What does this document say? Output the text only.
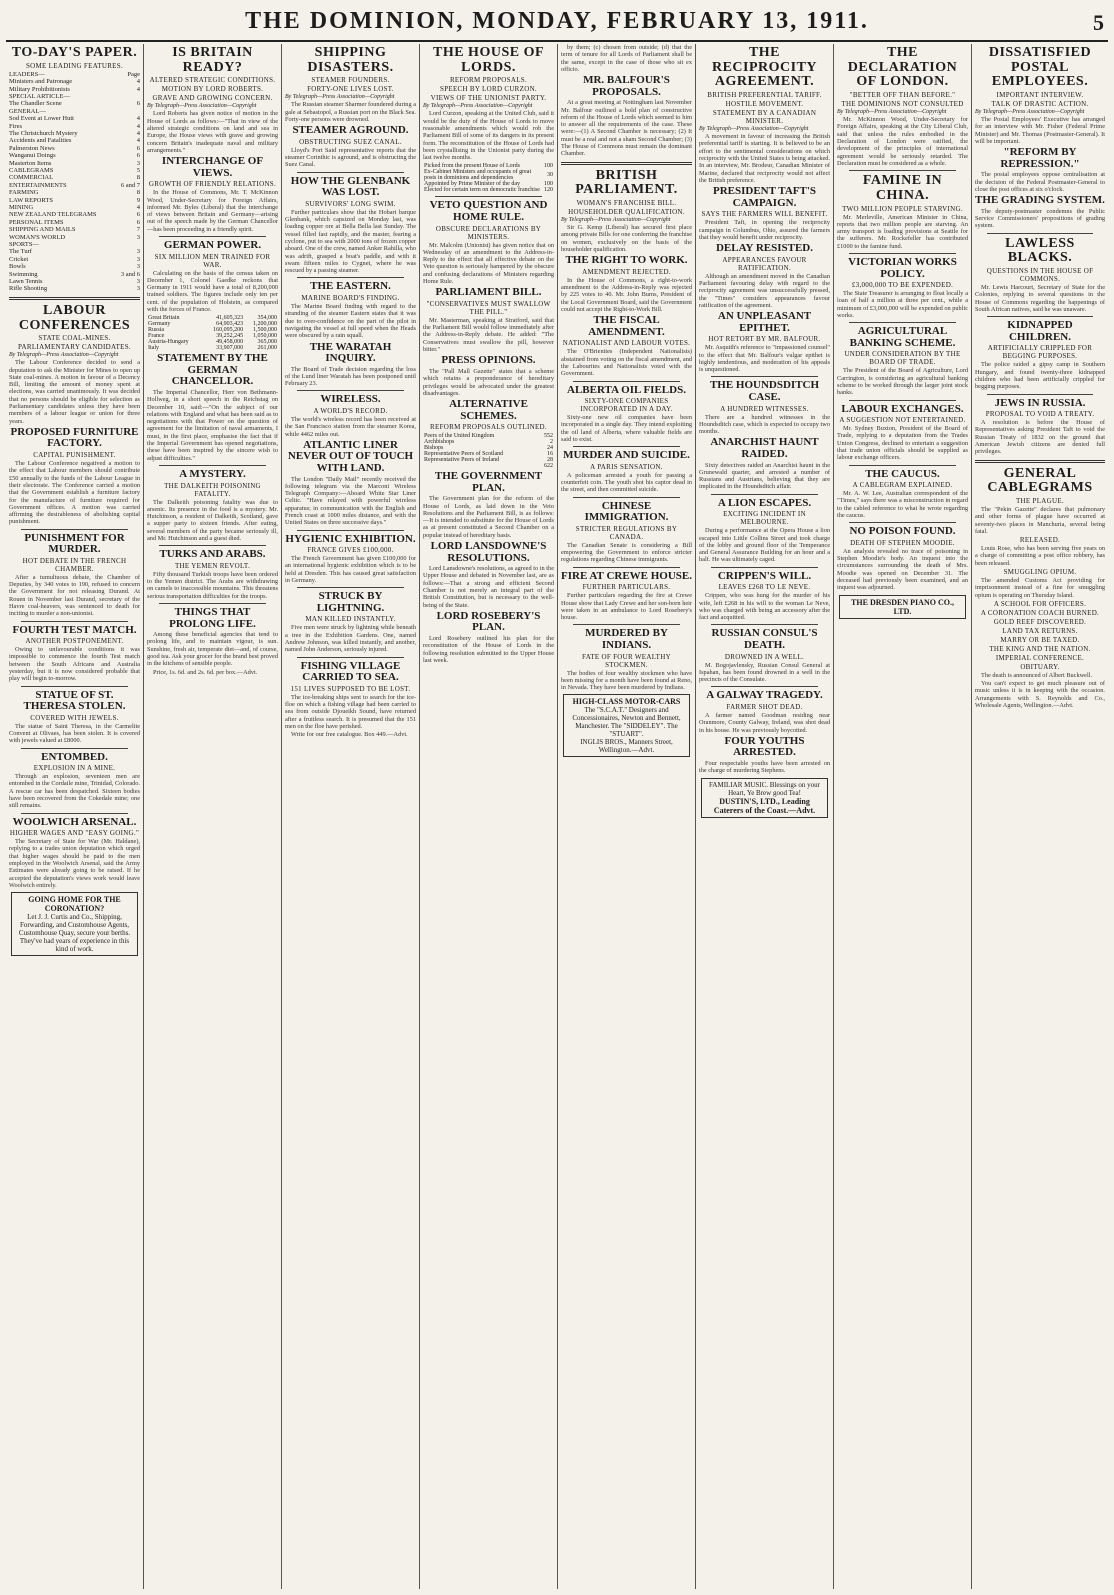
THE DOMINION, MONDAY, FEBRUARY 13, 1911.	5
TO-DAY'S PAPER.
SOME LEADING FEATURES.
LEADERS—	Page
Ministers and Patronage	4
Military Prohibitionists	4
SPECIAL ARTICLE—
The Chandler Scene	6
GENERAL—
Sod Event at Lower Hutt	4
Fires	4
The Christchurch Mystery	4
Accidents and Fatalities	4
Palmerston News	6
Wanganui Doings	6
Masterton Items	3
CABLEGRAMS	5
COMMERCIAL	8
ENTERTAINMENTS	6 and 7
FARMING	8
LAW REPORTS	9
MINING	4
NEW ZEALAND TELEGRAMS	6
PERSONAL ITEMS	6
SHIPPING AND MAILS	7
WOMAN'S WORLD	3
SPORTS—
The Turf	3
Cricket	3
Bowls	3
Swimming	3 and 6
Lawn Tennis	3
Rifle Shooting	3
LABOUR CONFERENCES
STATE COAL-MINES.
PARLIAMENTARY CANDIDATES.
By Telegraph—Press Association—Copyright

The Labour Conference decided to send a deputation to ask the Minister for Mines to open up State coal-mines. A motion in favour of a Decency Bill, limiting the amount of money spent at elections, was carried unanimously. It was decided that no persons should be eligible for selection as Parliamentary candidates unless they have been members of a labour league or union for three years.

PROPOSED FURNITURE FACTORY.
CAPITAL PUNISHMENT.

The Labour Conference negatived a motion to the effect that Labour members should contribute £50 annually to the funds of the Labour League in their electorate. The Conference carried a motion that the Government establish a furniture factory for the manufacture of furniture required for Government offices. A motion was carried affirming the desirableness of abolishing capital punishment.

PUNISHMENT FOR MURDER.
HOT DEBATE IN THE FRENCH CHAMBER.

After a tumultuous debate, the Chamber of Deputies, by 340 votes to 190, refused to concern the Government for not releasing Durand. At Rouen in November last Durand, secretary of the Havre coal-heavers, was sentenced to death for inciting to murder a non-unionist.

FOURTH TEST MATCH.
ANOTHER POSTPONEMENT.

Owing to unfavourable conditions it was impossible to commence the fourth Test match between the South Africans and Australia yesterday, but it is now considered probable that play will begin to-morrow.

STATUE OF ST. THERESA STOLEN.
COVERED WITH JEWELS.

The statue of Saint Theresa, in the Carmelite Convent at Olivaes, has been stolen. It is covered with jewels valued at £8000.

ENTOMBED.
EXPLOSION IN A MINE.

Through an explosion, seventeen men are entombed in the Cordaile mine, Trinidad, Colorado. A rescue car has been despatched. Sixteen bodies have been recovered from the Cokedale mine; one still remains.

WOOLWICH ARSENAL.
HIGHER WAGES AND "EASY GOING."

The Secretary of State for War (Mr. Haldane), replying to a trades union deputation which urged that higher wages should be paid to the men employed in the Woolwich Arsenal, said the Army Estimates were already going to be raised. If he accepted the deputation's views work would leave Woolwich entirely.

GOING HOME FOR THE CORONATION?
Let J. J. Curtis and Co., Shipping, Forwarding, and Customhouse Agents, Customhouse Quay, secure your berths. They've had years of experience in this kind of work.
IS BRITAIN READY?
ALTERED STRATEGIC CONDITIONS.
MOTION BY LORD ROBERTS.
GRAVE AND GROWING CONCERN.
By Telegraph—Press Association—Copyright

Lord Roberts has given notice of motion in the House of Lords as follows:—"That in view of the altered strategic conditions on land and sea in Europe, the House views with grave and growing concern Britain's inadequate naval and military arrangements."

INTERCHANGE OF VIEWS.
GROWTH OF FRIENDLY RELATIONS.

In the House of Commons, Mr. T. McKinnon Wood, Under-Secretary for Foreign Affairs, informed Mr. Byles (Liberal) that the interchange of views between Britain and Germany—arising out of the speech made by the German Chancellor—has been proceeding in a friendly spirit.

GERMAN POWER.
SIX MILLION MEN TRAINED FOR WAR.

Calculating on the basis of the census taken on December 1, Colonel Gaedke reckons that Germany in 1911 would have a total of 8,200,000 trained soldiers. The figures include only ten per cent. of the population of Holstein, as compared with the forces of France.

Great Britain	41,605,323	354,000
Germany	64,903,423	1,200,000
Russia	160,095,200	1,500,000
France	39,252,245	1,050,000
Austria-Hungary	49,458,000	365,000
Italy	33,907,000	261,000
STATEMENT BY THE GERMAN CHANCELLOR.

The Imperial Chancellor, Herr von Bethmann-Hollweg, in a short speech in the Reichstag on December 10, said:—"On the subject of our relations with England and what has been said as to negotiations with that Power on the question of agreement for the limitation of naval armaments, I must, in the first place, emphasise the fact that if the Imperial Government has opened negotiations, these have been inspired by the sincere wish to adjust difficulties."

A MYSTERY.
THE DALKEITH POISONING FATALITY.

The Dalkeith poisoning fatality was due to arsenic. Its presence in the food is a mystery. Mr. Hutchinson, a resident of Dalkeith, Scotland, gave a supper party to sixteen friends. After eating, several members of the party became seriously ill, and Mr. Hutchinson and a guest died.

TURKS AND ARABS.
THE YEMEN REVOLT.

Fifty thousand Turkish troops have been ordered to the Yemen district. The Arabs are withdrawing on camels to inaccessible mountains. This threatens serious transportation difficulties for the troops.

THINGS THAT PROLONG LIFE.

Among these beneficial agencies that tend to prolong life, and to maintain vigour, is sun. Sunshine, fresh air, temperate diet—and, of course, good tea. Ask your grocer for the brand best proved in the kitchens of sensible people.

Price, 1s. 6d. and 2s. 6d. per box.—Advt.

SHIPPING DISASTERS.
STEAMER FOUNDERS.
FORTY-ONE LIVES LOST.
By Telegraph—Press Association—Copyright

The Russian steamer Sharmer foundered during a gale at Sebastopol, a Russian port on the Black Sea. Forty-one persons were drowned.

STEAMER AGROUND.
OBSTRUCTING SUEZ CANAL.

Lloyd's Port Said representative reports that the steamer Corinthic is aground, and is obstructing the Suez Canal.

HOW THE GLENBANK WAS LOST.
SURVIVORS' LONG SWIM.

Further particulars show that the Hobart barque Glenbank, which capsized on Monday last, was loading copper ore at Bella Bella last Sunday. The vessel filled fast rapidly, and the master, fearing a cyclone, put to sea with 2000 tons of frozen copper aboard. One of the crew, named Anker Rahilla, who was adrift, grasped a boat's paddle, and with it swam fifteen miles to Cygnet, where he was rescued by a passing steamer.

THE EASTERN.
MARINE BOARD'S FINDING.

The Marine Board finding with regard to the stranding of the steamer Eastern states that it was due to over-confidence on the part of the pilot in navigating the vessel at full speed when the Heads were obscured by a rain squall.

THE WARATAH INQUIRY.

The Board of Trade decision regarding the loss of the Lund liner Waratah has been postponed until February 23.

WIRELESS.
A WORLD'S RECORD.

The world's wireless record has been received at the San Francisco station from the steamer Korea, while 4462 miles out.

ATLANTIC LINER NEVER OUT OF TOUCH WITH LAND.

The London "Daily Mail" recently received the following telegram via the Marconi Wireless Telegraph Company:—Aboard White Star Liner Celtic. "Have relayed with powerful wireless apparatus; in communication with the English and French coast at 1000 miles distance, and with the United States on three successive days."

HYGIENIC EXHIBITION.
FRANCE GIVES £100,000.

The French Government has given £100,000 for an international hygienic exhibition which is to be held at Dresden. This has caused great satisfaction in Germany.

STRUCK BY LIGHTNING.
MAN KILLED INSTANTLY.

Five men were struck by lightning while beneath a tree in the Exhibition Gardens. One, named Andrew Johnson, was killed instantly, and another, named John Anderson, seriously injured.

FISHING VILLAGE CARRIED TO SEA.
151 LIVES SUPPOSED TO BE LOST.

The ice-breaking ships sent to search for the ice-floe on which a fishing village had been carried to sea from outside Djoueikh Sound, have returned after a fruitless search. It is presumed that the 151 men on the floe have perished.

Write for our free catalogue. Box 449.—Advt.

THE HOUSE OF LORDS.
REFORM PROPOSALS.
SPEECH BY LORD CURZON.
VIEWS OF THE UNIONIST PARTY.
By Telegraph—Press Association—Copyright

Lord Curzon, speaking at the United Club, said it would be the duty of the House of Lords to move reasonable amendments which would rob the Parliament Bill of some of its dangers in its present form. The reconstitution of the House of Lords had been crystallising in the Unionist party during the last twelve months.

Picked from the present House of Lords	100
Ex-Cabinet Ministers and occupants of great posts in dominions and dependencies	30
Appointed by Prime Minister of the day	100
Elected for certain term on democratic franchise	120
VETO QUESTION AND HOME RULE.
OBSCURE DECLARATIONS BY MINISTERS.

Mr. Malcolm (Unionist) has given notice that on Wednesday of an amendment to the Address-in-Reply to the effect that all effective debate on the Veto question is seriously hampered by the obscure and confusing declarations of Ministers regarding Home Rule.

PARLIAMENT BILL.
"CONSERVATIVES MUST SWALLOW THE PILL."

Mr. Masterman, speaking at Stratford, said that the Parliament Bill would follow immediately after the Address-in-Reply debate. He added: "The Conservatives must swallow the pill, however bitter."

PRESS OPINIONS.

The "Pall Mall Gazette" states that a scheme which retains a preponderance of hereditary privileges would be advocated under the greatest disadvantages.

ALTERNATIVE SCHEMES.
REFORM PROPOSALS OUTLINED.
Peers of the United Kingdom	552
Archbishops	2
Bishops	24
Representative Peers of Scotland	16
Representative Peers of Ireland	28
	622
THE GOVERNMENT PLAN.

The Government plan for the reform of the House of Lords, as laid down in the Veto Resolutions and the Parliament Bill, is as follows:—It is intended to substitute for the House of Lords as at present constituted a Second Chamber on a popular instead of hereditary basis.

LORD LANSDOWNE'S RESOLUTIONS.

Lord Lansdowne's resolutions, as agreed to in the Upper House and debated in November last, are as follows:—That a strong and efficient Second Chamber is not merely an integral part of the British Constitution, but is necessary to the well-being of the State.

LORD ROSEBERY'S PLAN.

Lord Rosebery outlined his plan for the reconstitution of the House of Lords in the following resolution submitted to the Upper House last week.

by them; (c) chosen from outside; (d) that the term of tenure for all Lords of Parliament shall be the same, except in the case of those who sit ex officio.

MR. BALFOUR'S PROPOSALS.

At a great meeting at Nottingham last November Mr. Balfour outlined a bold plan of constructive reform of the House of Lords which seemed to him to answer all the requirements of the case. These were:—(1) A Second Chamber is necessary; (2) It must be a real and not a sham Second Chamber; (3) The House of Commons must remain the dominant Chamber.

BRITISH PARLIAMENT.
WOMAN'S FRANCHISE BILL.
HOUSEHOLDER QUALIFICATION.
By Telegraph—Press Association—Copyright

Sir G. Kemp (Liberal) has secured first place among private Bills for one conferring the franchise on women, exclusively on the basis of the householder qualification.

THE RIGHT TO WORK.
AMENDMENT REJECTED.

In the House of Commons, a right-to-work amendment to the Address-in-Reply was rejected by 225 votes to 40. Mr. John Burns, President of the Local Government Board, said the Government could not accept the Right-to-Work Bill.

THE FISCAL AMENDMENT.
NATIONALIST AND LABOUR VOTES.

The O'Brienites (Independent Nationalists) abstained from voting on the fiscal amendment, and the Labourites and Nationalists voted with the Government.

ALBERTA OIL FIELDS.
SIXTY-ONE COMPANIES INCORPORATED IN A DAY.

Sixty-one new oil companies have been incorporated in a single day. They intend exploiting the oil land of Alberta, where valuable fields are said to exist.

MURDER AND SUICIDE.
A PARIS SENSATION.

A policeman arrested a youth for passing a counterfeit coin. The youth shot his captor dead in the street, and then committed suicide.

CHINESE IMMIGRATION.
STRICTER REGULATIONS BY CANADA.

The Canadian Senate is considering a Bill empowering the Government to enforce stricter regulations regarding Chinese immigrants.

FIRE AT CREWE HOUSE.
FURTHER PARTICULARS.

Further particulars regarding the fire at Crewe House show that Lady Crewe and her son-born heir were taken in an ambulance to Lord Rosebery's house.

MURDERED BY INDIANS.
FATE OF FOUR WEALTHY STOCKMEN.

The bodies of four wealthy stockmen who have been missing for a month have been found at Reno, in Nevada. They have been murdered by Indians.

HIGH-CLASS MOTOR-CARS
The "S.C.A.T." Designers and Concessionaires, Newton and Bennett, Manchester. The "SIDDELEY". The "STUART".
INGLIS BROS., Manners Street, Wellington.—Advt.
THE RECIPROCITY AGREEMENT.
BRITISH PREFERENTIAL TARIFF.
HOSTILE MOVEMENT.
STATEMENT BY A CANADIAN MINISTER.
By Telegraph—Press Association—Copyright

A movement in favour of increasing the British preferential tariff is starting. It is believed to be an effort to the sentimental considerations on which reciprocity with the United States is being attacked. In an interview, Mr. Brodeur, Canadian Minister of Marine, declared that reciprocity would not affect the British preference.

PRESIDENT TAFT'S CAMPAIGN.
SAYS THE FARMERS WILL BENEFIT.

President Taft, in opening the reciprocity campaign in Columbus, Ohio, assured the farmers that they would benefit under reciprocity.

DELAY RESISTED.
APPEARANCES FAVOUR RATIFICATION.

Although an amendment moved in the Canadian Parliament favouring delay with regard to the reciprocity agreement was unsuccessfully pressed, the "Times" considers appearances favour ratification of the agreement.

AN UNPLEASANT EPITHET.
HOT RETORT BY MR. BALFOUR.

Mr. Asquith's reference to "impassioned counsel" to the effect that Mr. Balfour's vulgar epithet is highly tendentious, and moderation of his appeals is unquestioned.

THE HOUNDSDITCH CASE.
A HUNDRED WITNESSES.

There are a hundred witnesses in the Houndsditch case, which is expected to occupy two months.

ANARCHIST HAUNT RAIDED.

Sixty detectives raided an Anarchist haunt in the Grunewald quarter, and arrested a number of Russians and Austrians, believing that they are implicated in the Houndsditch affair.

A LION ESCAPES.
EXCITING INCIDENT IN MELBOURNE.

During a performance at the Opera House a lion escaped into Little Collins Street and took charge of the lobby and ground floor of the Temperance and General Assurance Building for an hour and a half. He was ultimately caged.

CRIPPEN'S WILL.
LEAVES £268 TO LE NEVE.

Crippen, who was hung for the murder of his wife, left £268 in his will to the woman Le Neve, who was charged with being an accessory after the fact and acquitted.

RUSSIAN CONSUL'S DEATH.
DROWNED IN A WELL.

M. Bogojavlensky, Russian Consul General at Ispahan, has been found drowned in a well in the precincts of the Consulate.

A GALWAY TRAGEDY.
FARMER SHOT DEAD.

A farmer named Goodman residing near Oranmore, County Galway, Ireland, was shot dead in his house. He was previously boycotted.

FOUR YOUTHS ARRESTED.

Four respectable youths have been arrested on the charge of murdering Stephens.

FAMILIAR MUSIC. Blessings on your Heart, Ye Brew good Tea!

DUSTIN'S, LTD., Leading Caterers of the Coast.—Advt.
THE DECLARATION OF LONDON.
"BETTER OFF THAN BEFORE."
THE DOMINIONS NOT CONSULTED
By Telegraph—Press Association—Copyright

Mr. McKinnon Wood, Under-Secretary for Foreign Affairs, speaking at the City Liberal Club, said that unless the rules embodied in the Declaration of London were ratified, the development of the principles of international agreement would be seriously retarded. The Declaration must be considered as a whole.

FAMINE IN CHINA.
TWO MILLION PEOPLE STARVING.

Mr. Merleville, American Minister in China, reports that two million people are starving. An army transport is loading provisions at Seattle for the sufferers. Mr. Rockefeller has contributed £1000 to the famine fund.

VICTORIAN WORKS POLICY.
£3,000,000 TO BE EXPENDED.

The State Treasurer is arranging to float locally a loan of half a million at three per cent., while a minimum of £3,000,000 will be expended on public works.

AGRICULTURAL BANKING SCHEME.
UNDER CONSIDERATION BY THE BOARD OF TRADE.

The President of the Board of Agriculture, Lord Carrington, is considering an agricultural banking scheme to be worked through the larger joint stock banks.

LABOUR EXCHANGES.
A SUGGESTION NOT ENTERTAINED.

Mr. Sydney Buxton, President of the Board of Trade, replying to a deputation from the Trades Union Congress, declined to entertain a suggestion that trade union officials should be supplied as labour exchange officers.

THE CAUCUS.
A CABLEGRAM EXPLAINED.

Mr. A. W. Lee, Australian correspondent of the "Times," says there was a misconstruction in regard to the cabled reference to what he wrote regarding the caucus.

NO POISON FOUND.
DEATH OF STEPHEN MOODIE.

An analysis revealed no trace of poisoning in Stephen Moodie's body. An inquest into the circumstances surrounding the death of Mrs. Moodie was opened on December 31. The deceased had previously been examined, and an inquest was adjourned.

THE DRESDEN PIANO CO., LTD.
DISSATISFIED POSTAL EMPLOYEES.
IMPORTANT INTERVIEW.
TALK OF DRASTIC ACTION.
By Telegraph—Press Association—Copyright

The Postal Employees' Executive has arranged for an interview with Mr. Fisher (Federal Prime Minister) and Mr. Thomas (Postmaster-General). It will be important.

"REFORM BY REPRESSION."

The postal employees oppose centralisation at the decision of the Federal Postmaster-General to close the post offices at six o'clock.

THE GRADING SYSTEM.

The deputy-postmaster condemns the Public Service Commissioners' propositions of grading system.

LAWLESS BLACKS.
QUESTIONS IN THE HOUSE OF COMMONS.

Mr. Lewis Harcourt, Secretary of State for the Colonies, replying to several questions in the House of Commons regarding the happenings of South African natives, said he was unaware.

KIDNAPPED CHILDREN.
ARTIFICIALLY CRIPPLED FOR BEGGING PURPOSES.

The police raided a gipsy camp in Southern Hungary, and found twenty-three kidnapped children who had been artificially crippled for begging purposes.

JEWS IN RUSSIA.
PROPOSAL TO VOID A TREATY.

A resolution is before the House of Representatives asking President Taft to void the Russian Treaty of 1832 on the ground that American Jewish citizens are denied full privileges.

GENERAL CABLEGRAMS
THE PLAGUE.

The "Pekin Gazette" declares that pulmonary and other forms of plague have occurred at seventy-two places in Manchuria, several being fatal.

RELEASED.

Louis Rose, who has been serving five years on a charge of committing a post office robbery, has been released.

SMUGGLING OPIUM.

The amended Customs Act providing for imprisonment instead of a fine for smuggling opium is operating on Thursday Island.

A SCHOOL FOR OFFICERS.
A CORONATION COACH BURNED.
GOLD REEF DISCOVERED.
LAND TAX RETURNS.
MARRY OR BE TAXED.
THE KING AND THE NATION.
IMPERIAL CONFERENCE.
OBITUARY.

The death is announced of Albert Buckwell.

You can't expect to get much pleasure out of music unless it is in keeping with the occasion. Arrangements with S. Reynolds and Co., Wholesale Agents, Wellington.—Advt.
